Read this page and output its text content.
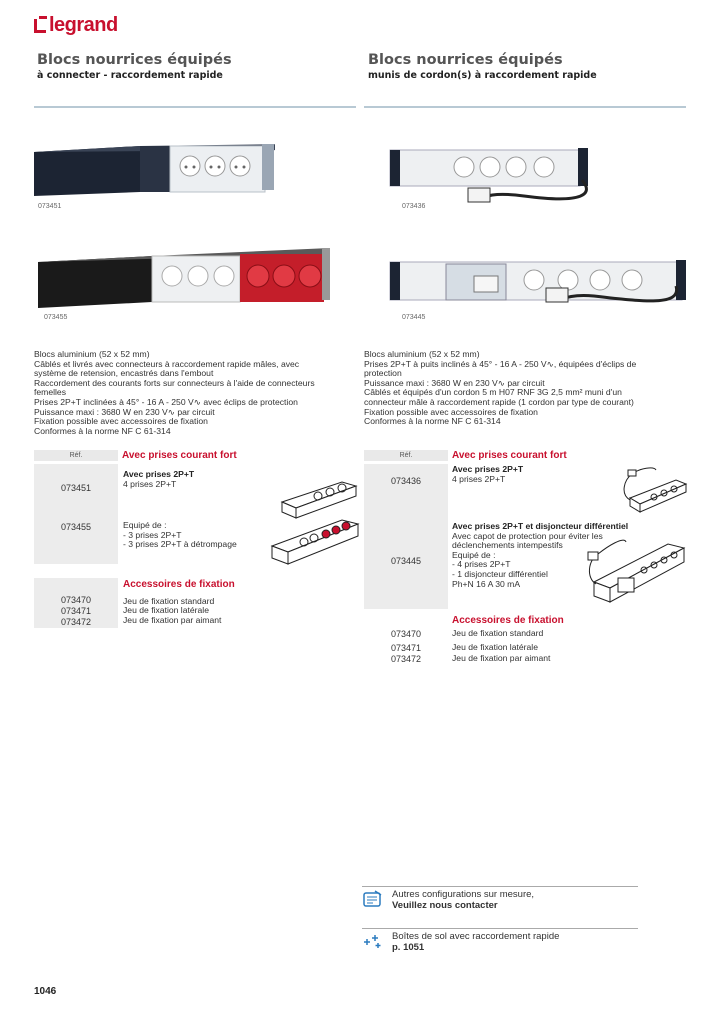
legrand
Blocs nourrices équipés
à connecter - raccordement rapide
Blocs nourrices équipés
munis de cordon(s) à raccordement rapide
073451
073455
073436
073445
Blocs aluminium (52 x 52 mm)
Câblés et livrés avec connecteurs à raccordement rapide mâles, avec
système de retension, encastrés dans l'embout
Raccordement des courants forts sur connecteurs à l'aide de connecteurs
femelles
Prises 2P+T inclinées à 45° - 16 A - 250 V∿ avec éclips de protection
Puissance maxi : 3680 W en 230 V∿ par circuit
Fixation possible avec accessoires de fixation
Conformes à la norme NF C 61-314
Blocs aluminium (52 x 52 mm)
Prises 2P+T à puits inclinés à 45° - 16 A - 250 V∿, équipées d'éclips de
protection
Puissance maxi : 3680 W en 230 V∿ par circuit
Câblés et équipés d'un cordon 5 m H07 RNF 3G 2,5 mm² muni d'un
connecteur mâle à raccordement rapide (1 cordon par type de courant)
Fixation possible avec accessoires de fixation
Conformes à la norme NF C 61-314
Réf.	Avec prises courant fort
073451
Avec prises 2P+T
4 prises 2P+T
073455	Equipé de :
- 3 prises 2P+T
- 3 prises 2P+T à détrompage
Accessoires de fixation
073470	Jeu de fixation standard
073471	Jeu de fixation latérale
073472	Jeu de fixation par aimant
Réf.	Avec prises courant fort
073436
Avec prises 2P+T
4 prises 2P+T
073445
Avec prises 2P+T et disjoncteur différentiel
Avec capot de protection pour éviter les
déclenchements intempestifs
Equipé de :
- 4 prises 2P+T
- 1 disjoncteur différentiel
Ph+N 16 A 30 mA
Accessoires de fixation
073470	Jeu de fixation standard
073471	Jeu de fixation latérale
073472	Jeu de fixation par aimant
Autres configurations sur mesure,
Veuillez nous contacter
Boîtes de sol avec raccordement rapide
p. 1051
1046
